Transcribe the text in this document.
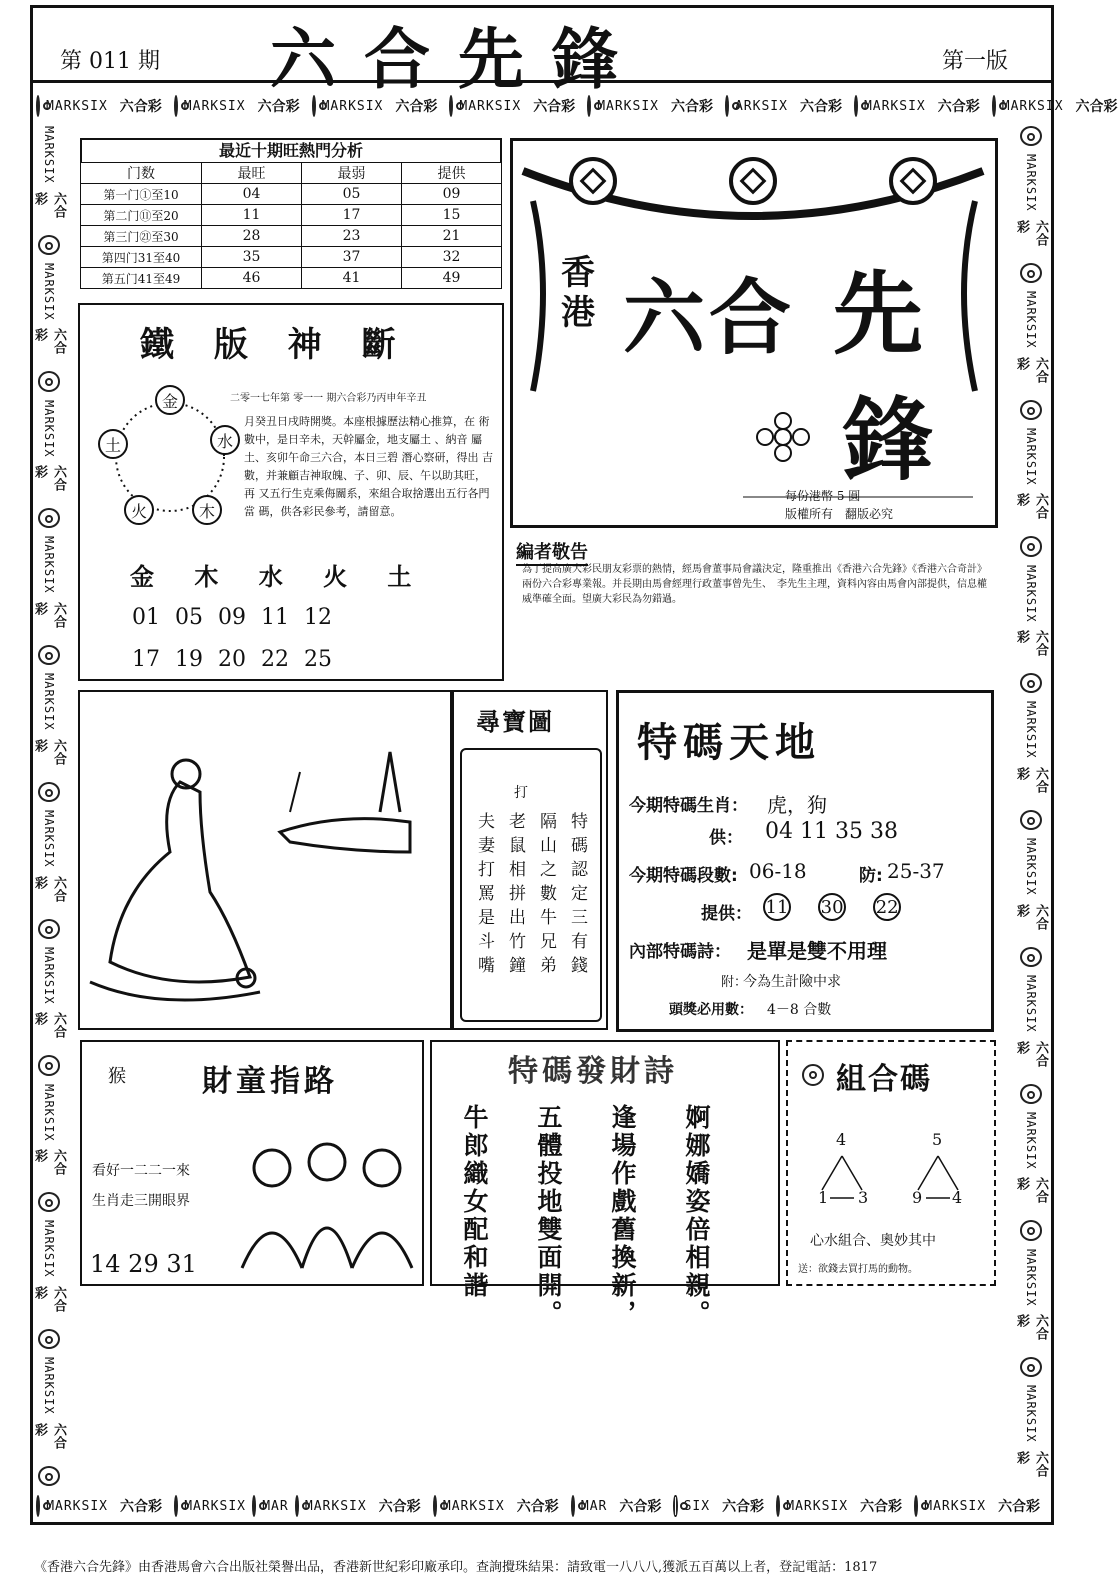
第 011 期 六合先鋒	第一版
MARKSIX 六合彩 MARKSIX 六合彩 MARKSIX 六合彩 MARKSIX 六合彩 MARKSIX 六合彩 ARKSIX 六合彩 MARKSIX 六合彩 MARKSIX 六合彩
MARKSIX
六合彩
MARKSIX
六合彩
MARKSIX
六合彩
MARKSIX
六合彩
MARKSIX
六合彩
MARKSIX
六合彩
MARKSIX
六合彩
MARKSIX
六合彩
MARKSIX
六合彩
MARKSIX
六合彩
MARKSIX
六合彩
MARKSIX
六合彩
MARKSIX
六合彩
MARKSIX
六合彩
MARKSIX
六合彩
MARKSIX
六合彩
MARKSIX
六合彩
MARKSIX
六合彩
MARKSIX
六合彩
MARKSIX
六合彩
MARKSIX 六合彩 MARKSIX MAR MARKSIX 六合彩 MARKSIX 六合彩 MAR 六合彩 SIX 六合彩 MARKSIX 六合彩 MARKSIX 六合彩
最近十期旺熱門分析
门数	最旺	最弱	提供
第一门①至10	04	05	09
第二门⑪至20	11	17	15
第三门㉑至30	28	23	21
第四门31至40	35	37	32
第五门41至49	46	41	49
鐵 版 神 斷
金
水
木
火
土
二零一七年第 零一一 期六合彩乃丙申年辛丑
月癸丑日戌時開獎。本座根據歷法精心推算，在 術數中，是日辛未，天幹屬金，地支屬土 、納音 屬土、亥卯午命三六合，本日三碧 潛心察研，得出 吉數，并兼顧吉神取魄、子、卯、辰、午以助其旺，再 又五行生克乘侮關系，來組合取捨選出五行各門當 碼，供各彩民參考，請留意。
金 木 水 火 土
01 05 09 11 12
17 19 20 22 25
香港 六合 先
鋒
每份港幣 5 圓
版權所有　翻版必究
編者敬告
為了提高廣大彩民朋友彩票的熱情，經馬會董事局會議決定，隆重推出《香港六合先鋒》《香港六合奇計》兩份六合彩專業報。并長期由馬會經理行政董事曾先生、　李先生主理，資料內容由馬會內部提供，信息權威準確全面。望廣大彩民為勿錯過。
尋寶圖
打
夫妻打罵是斗嘴 老鼠相拼出竹鐘 隔山之數牛兄弟 特碼認定三有錢
特碼天地
今期特碼生肖： 虎，狗
供： 04 11 35 38
今期特碼段數: 06-18	防: 25-37
提供： 11 30 22
內部特碼詩： 是單是雙不用理
附：
今為生計險中求
頭獎必用數： 4－8 合數
猴	財童指路
看好一二二一來
生肖走三開眼界
14 29 31
特碼發財詩
牛郎織女配和諧 五體投地雙面開。 逢場作戲舊換新， 婀娜嬌姿倍相親。
組合碼
4
1 3
5
9 4
心水組合、奧妙其中
送：欲錢去買打馬的動物。
《香港六合先鋒》由香港馬會六合出版社榮譽出品，香港新世紀彩印廠承印。查詢攪珠結果：請致電一八八八,獲派五百萬以上者，登記電話：1817
